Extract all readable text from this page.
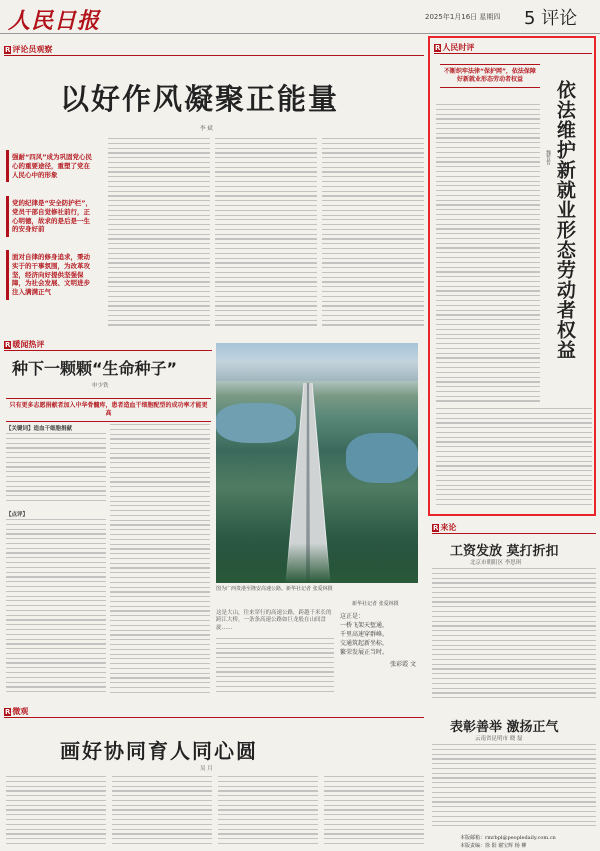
人民日报	2025年1月16日 星期四 5 评论
R 评论员观察
以好作风凝聚正能量
李 斌
强耐“四风”成为巩固党心民心的重要途径，重塑了党在人民心中的形象
党的纪律是“安全防护栏”，党员干部自觉修社前行，正心明德，故求的是后是一生的安身好前
面对自律的修身追求，秉动实于的干事氛围，为改革攻坚，经济向好提供坚强保障，为社会发展、文明进步注入满满正气
R 暖闻热评
种下一颗颗“生命种子”
申少铁
只有更多志愿捐献者加入中华骨髓库，患者造血干细胞配型的成功率才能更高
【关键词】造血干细胞捐献
【点评】
图为广西贵港至隆安高速公路。新华社记者 张爱林摄
新华社记者 张爱林摄
这是大山，往来穿行的高速公路，跨越千米长的跨江大桥，一条条高速公路如巨龙般在山间盘旋……
这正是：
一桥飞架天堑通，
千里高速穿群峰。
交通筑起新坐标，
繁荣发展正当时。
张彩霞 文
R 微观
画好协同育人同心圆
吴 月
R 人民时评
不断织牢法律“保护网”，依法保障好新就业形态劳动者权益
依法维护新就业形态劳动者权益
魏哲哲
R 来论
工资发放 莫打折扣
北京市朝阳区 李思琪
表彰善举 激扬正气
云南省昆明市 晓 磊
本版邮箱：rmrbpl@peopledaily.com.cn
本版责编：徐 阳 谢宝辉 杨 柳
